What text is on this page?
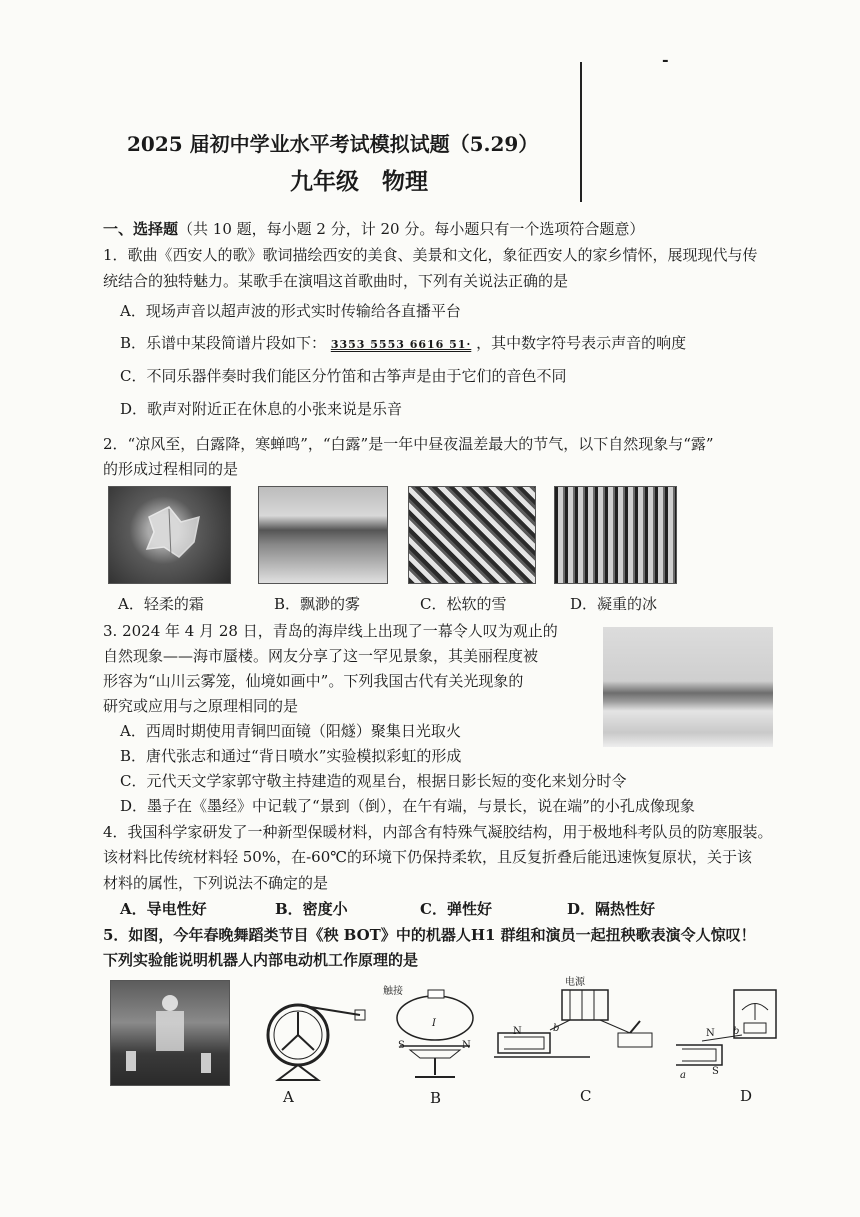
-
2025 届初中学业水平考试模拟试题（5.29）
九年级　物理
一、选择题（共 10 题，每小题 2 分，计 20 分。每小题只有一个选项符合题意）
1．歌曲《西安人的歌》歌词描绘西安的美食、美景和文化，象征西安人的家乡情怀，展现现代与传
统结合的独特魅力。某歌手在演唱这首歌曲时，下列有关说法正确的是
A．现场声音以超声波的形式实时传输给各直播平台
B．乐谱中某段简谱片段如下： 3353 5553 6616 51· ，其中数字符号表示声音的响度
C．不同乐器伴奏时我们能区分竹笛和古筝声是由于它们的音色不同
D．歌声对附近正在休息的小张来说是乐音
2．“凉风至，白露降，寒蝉鸣”，“白露”是一年中昼夜温差最大的节气，以下自然现象与“露”
的形成过程相同的是
A．轻柔的霜	B．飘渺的雾	C．松软的雪	D．凝重的冰
3. 2024 年 4 月 28 日，青岛的海岸线上出现了一幕令人叹为观止的
自然现象——海市蜃楼。网友分享了这一罕见景象，其美丽程度被
形容为“山川云雾笼，仙境如画中”。下列我国古代有关光现象的
研究或应用与之原理相同的是
A．西周时期使用青铜凹面镜（阳燧）聚集日光取火
B．唐代张志和通过“背日喷水”实验模拟彩虹的形成
C．元代天文学家郭守敬主持建造的观星台，根据日影长短的变化来划分时令
D．墨子在《墨经》中记载了“景到（倒），在午有端，与景长，说在端”的小孔成像现象
4．我国科学家研发了一种新型保暖材料，内部含有特殊气凝胶结构，用于极地科考队员的防寒服装。
该材料比传统材料轻 50%，在-60℃的环境下仍保持柔软，且反复折叠后能迅速恢复原状，关于该
材料的属性，下列说法不确定的是
A．导电性好	B．密度小	C．弹性好	D．隔热性好
5．如图，今年春晚舞蹈类节目《秧 BOT》中的机器人H1 群组和演员一起扭秧歌表演令人惊叹！
下列实验能说明机器人内部电动机工作原理的是
A
触接
I
S	N
B
电源
N	b
C
N b
S
a
D
